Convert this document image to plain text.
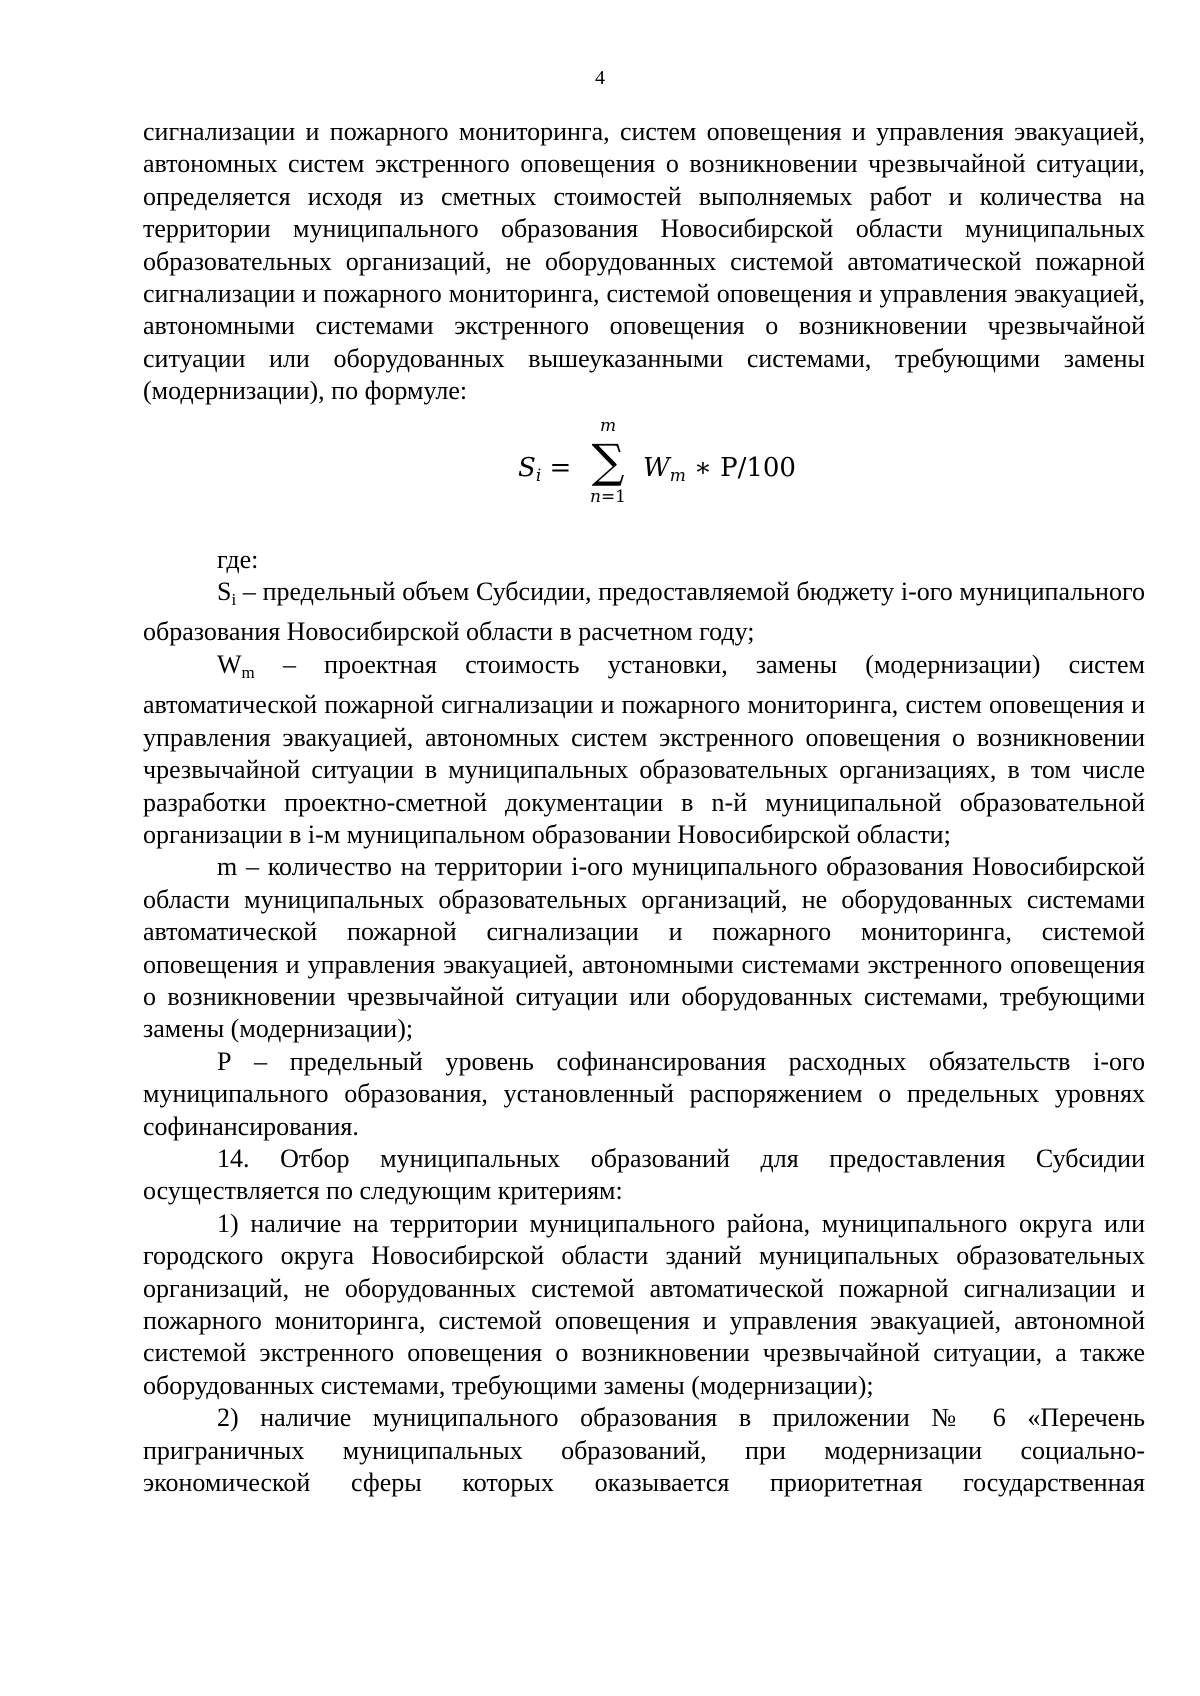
4

сигнализации и пожарного мониторинга, систем оповещения и управления эвакуацией, автономных систем экстренного оповещения о возникновении чрезвычайной ситуации, определяется исходя из сметных стоимостей выполняемых работ и количества на территории муниципального образования Новосибирской области муниципальных образовательных организаций, не оборудованных системой автоматической пожарной сигнализации и пожарного мониторинга, системой оповещения и управления эвакуацией, автономными системами экстренного оповещения о возникновении чрезвычайной ситуации или оборудованных вышеуказанными системами, требующими замены (модернизации), по формуле:

$S_i$ =
m
∑
n=1
$W_m$ ∗ P/100

где:

Si – предельный объем Субсидии, предоставляемой бюджету i-ого муниципального образования Новосибирской области в расчетном году;

Wm – проектная стоимость установки, замены (модернизации) систем автоматической пожарной сигнализации и пожарного мониторинга, систем оповещения и управления эвакуацией, автономных систем экстренного оповещения о возникновении чрезвычайной ситуации в муниципальных образовательных организациях, в том числе разработки проектно-сметной документации в n-й муниципальной образовательной организации в i-м муниципальном образовании Новосибирской области;

m – количество на территории i-ого муниципального образования Новосибирской области муниципальных образовательных организаций, не оборудованных системами автоматической пожарной сигнализации и пожарного мониторинга, системой оповещения и управления эвакуацией, автономными системами экстренного оповещения о возникновении чрезвычайной ситуации или оборудованных системами, требующими замены (модернизации);

Р – предельный уровень софинансирования расходных обязательств i-ого муниципального образования, установленный распоряжением о предельных уровнях софинансирования.

14. Отбор муниципальных образований для предоставления Субсидии осуществляется по следующим критериям:

1) наличие на территории муниципального района, муниципального округа или городского округа Новосибирской области зданий муниципальных образовательных организаций, не оборудованных системой автоматической пожарной сигнализации и пожарного мониторинга, системой оповещения и управления эвакуацией, автономной системой экстренного оповещения о возникновении чрезвычайной ситуации, а также оборудованных системами, требующими замены (модернизации);

2) наличие муниципального образования в приложении № 6 «Перечень приграничных муниципальных образований, при модернизации социально-экономической сферы которых оказывается приоритетная государственная
